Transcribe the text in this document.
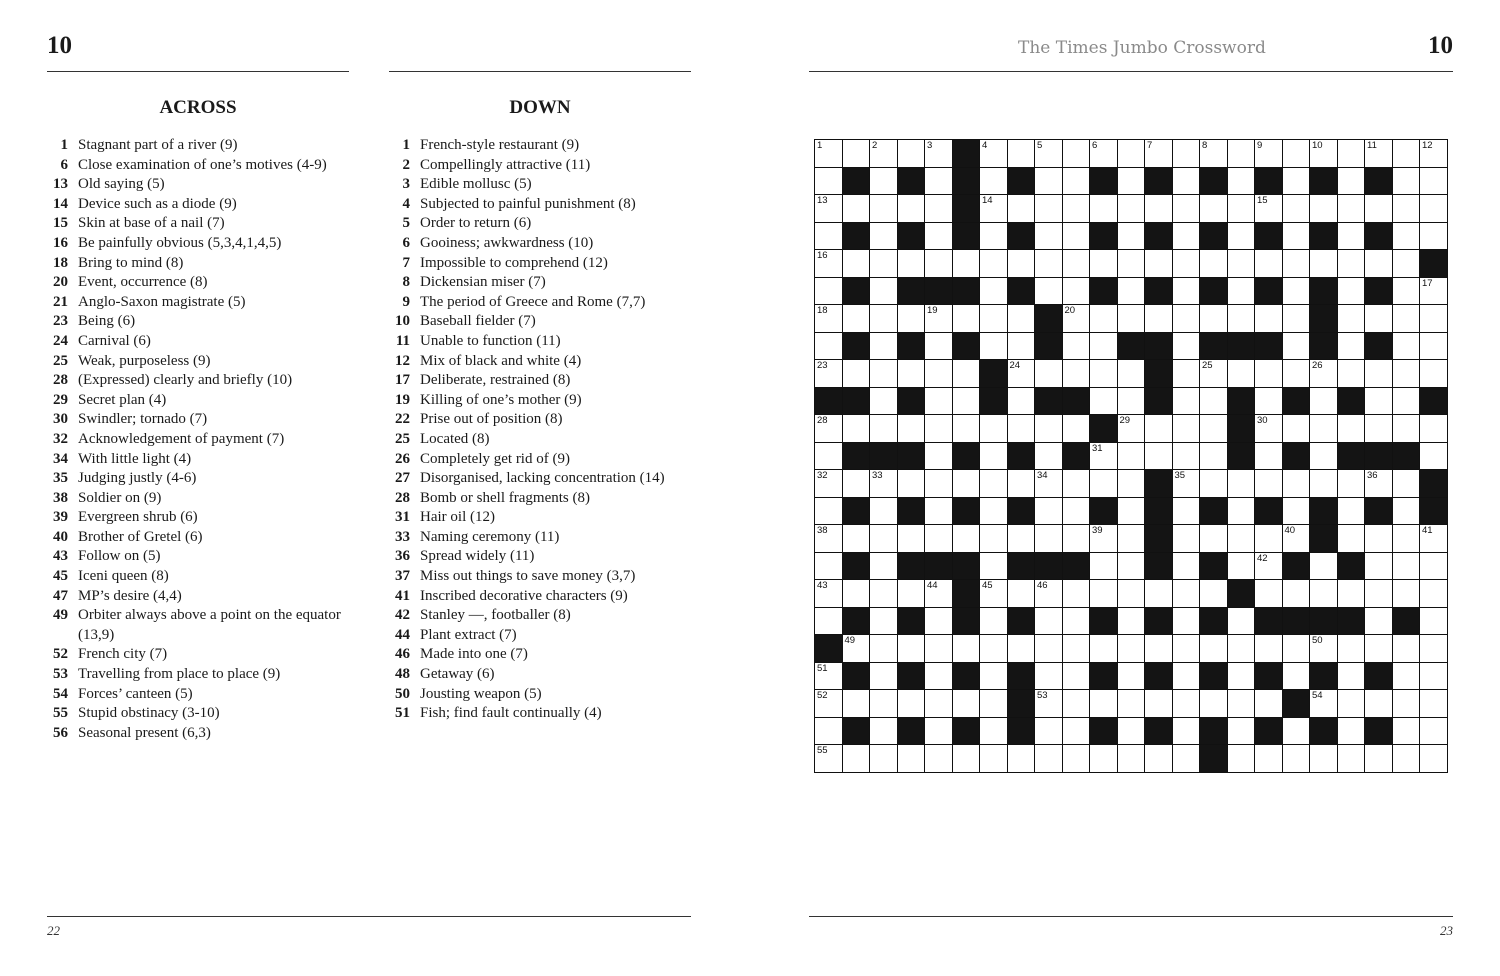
10
ACROSS	DOWN
1 Stagnant part of a river (9)
6 Close examination of one’s motives (4-9)
13 Old saying (5)
14 Device such as a diode (9)
15 Skin at base of a nail (7)
16 Be painfully obvious (5,3,4,1,4,5)
18 Bring to mind (8)
20 Event, occurrence (8)
21 Anglo-Saxon magistrate (5)
23 Being (6)
24 Carnival (6)
25 Weak, purposeless (9)
28 (Expressed) clearly and briefly (10)
29 Secret plan (4)
30 Swindler; tornado (7)
32 Acknowledgement of payment (7)
34 With little light (4)
35 Judging justly (4-6)
38 Soldier on (9)
39 Evergreen shrub (6)
40 Brother of Gretel (6)
43 Follow on (5)
45 Iceni queen (8)
47 MP’s desire (4,4)
49 Orbiter always above a point on the equator (13,9)
52 French city (7)
53 Travelling from place to place (9)
54 Forces’ canteen (5)
55 Stupid obstinacy (3-10)
56 Seasonal present (6,3)
1 French-style restaurant (9)
2 Compellingly attractive (11)
3 Edible mollusc (5)
4 Subjected to painful punishment (8)
5 Order to return (6)
6 Gooiness; awkwardness (10)
7 Impossible to comprehend (12)
8 Dickensian miser (7)
9 The period of Greece and Rome (7,7)
10 Baseball fielder (7)
11 Unable to function (11)
12 Mix of black and white (4)
17 Deliberate, restrained (8)
19 Killing of one’s mother (9)
22 Prise out of position (8)
25 Located (8)
26 Completely get rid of (9)
27 Disorganised, lacking concentration (14)
28 Bomb or shell fragments (8)
31 Hair oil (12)
33 Naming ceremony (11)
36 Spread widely (11)
37 Miss out things to save money (3,7)
41 Inscribed decorative characters (9)
42 Stanley —, footballer (8)
44 Plant extract (7)
46 Made into one (7)
48 Getaway (6)
50 Jousting weapon (5)
51 Fish; find fault continually (4)
22
The Times Jumbo Crossword	10
1	2	3	4	5	6	7	8	9	10	11	12
13	14	15
16
17
18	19	20
23	24	25	26
28	29	30
31
32	33	34	35	36
38	39	40	41
42
43	44	45	46
49	50
51
52	53	54
55
23
